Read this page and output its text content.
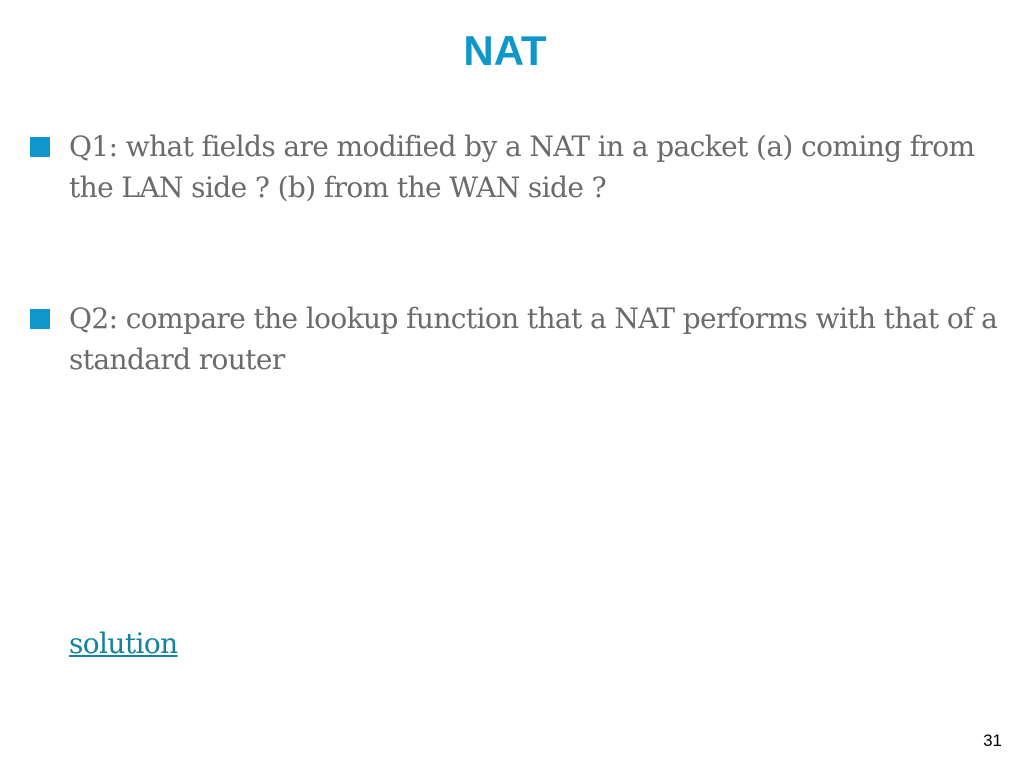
NAT
Q1: what fields are modified by a NAT in a packet (a) coming from the LAN side ? (b) from the WAN side ?
Q2: compare the lookup function that a NAT performs with that of a standard router
solution
31
